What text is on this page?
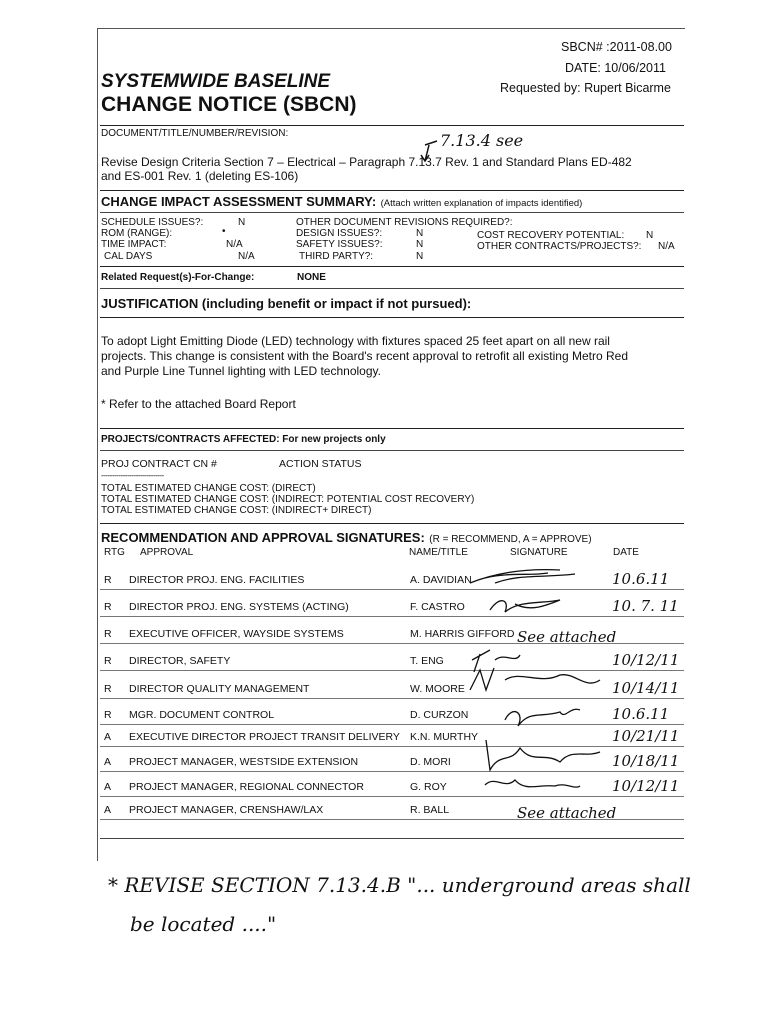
SBCN# :2011-08.00
DATE: 10/06/2011
Requested by: Rupert Bicarme
SYSTEMWIDE BASELINE
CHANGE NOTICE (SBCN)
DOCUMENT/TITLE/NUMBER/REVISION:	7.13.4 see
Revise Design Criteria Section 7 – Electrical – Paragraph 7.13.7 Rev. 1 and Standard Plans ED-482
and ES-001 Rev. 1 (deleting ES-106)
CHANGE IMPACT ASSESSMENT SUMMARY: (Attach written explanation of impacts identified)
SCHEDULE ISSUES?:	N
ROM (RANGE):	•
TIME IMPACT:	N/A
CAL DAYS	N/A
OTHER DOCUMENT REVISIONS REQUIRED?:
DESIGN ISSUES?:	N
SAFETY ISSUES?:	N
THIRD PARTY?:	N
COST RECOVERY POTENTIAL: N
OTHER CONTRACTS/PROJECTS?: N/A
Related Request(s)-For-Change:	NONE
JUSTIFICATION (including benefit or impact if not pursued):
To adopt Light Emitting Diode (LED) technology with fixtures spaced 25 feet apart on all new rail
projects. This change is consistent with the Board's recent approval to retrofit all existing Metro Red
and Purple Line Tunnel lighting with LED technology.
* Refer to the attached Board Report
PROJECTS/CONTRACTS AFFECTED: For new projects only
PROJ CONTRACT CN #	ACTION STATUS
-----------------------------
TOTAL ESTIMATED CHANGE COST: (DIRECT)
TOTAL ESTIMATED CHANGE COST: (INDIRECT: POTENTIAL COST RECOVERY)
TOTAL ESTIMATED CHANGE COST: (INDIRECT+ DIRECT)
RECOMMENDATION AND APPROVAL SIGNATURES: (R = RECOMMEND, A = APPROVE)
RTG APPROVAL	NAME/TITLE	SIGNATURE	DATE
R DIRECTOR PROJ. ENG. FACILITIES	A. DAVIDIAN	10.6.11
R DIRECTOR PROJ. ENG. SYSTEMS (ACTING)	F. CASTRO	10. 7. 11
R EXECUTIVE OFFICER, WAYSIDE SYSTEMS	M. HARRIS GIFFORD See attached
R DIRECTOR, SAFETY	T. ENG	10/12/11
R DIRECTOR QUALITY MANAGEMENT	W. MOORE	10/14/11
R MGR. DOCUMENT CONTROL	D. CURZON	10.6.11
A EXECUTIVE DIRECTOR PROJECT TRANSIT DELIVERY K.N. MURTHY	10/21/11
A PROJECT MANAGER, WESTSIDE EXTENSION	D. MORI	10/18/11
A PROJECT MANAGER, REGIONAL CONNECTOR	G. ROY	10/12/11
A PROJECT MANAGER, CRENSHAW/LAX	R. BALL	See attached
* REVISE SECTION 7.13.4.B "... underground areas shall
be located ...."
